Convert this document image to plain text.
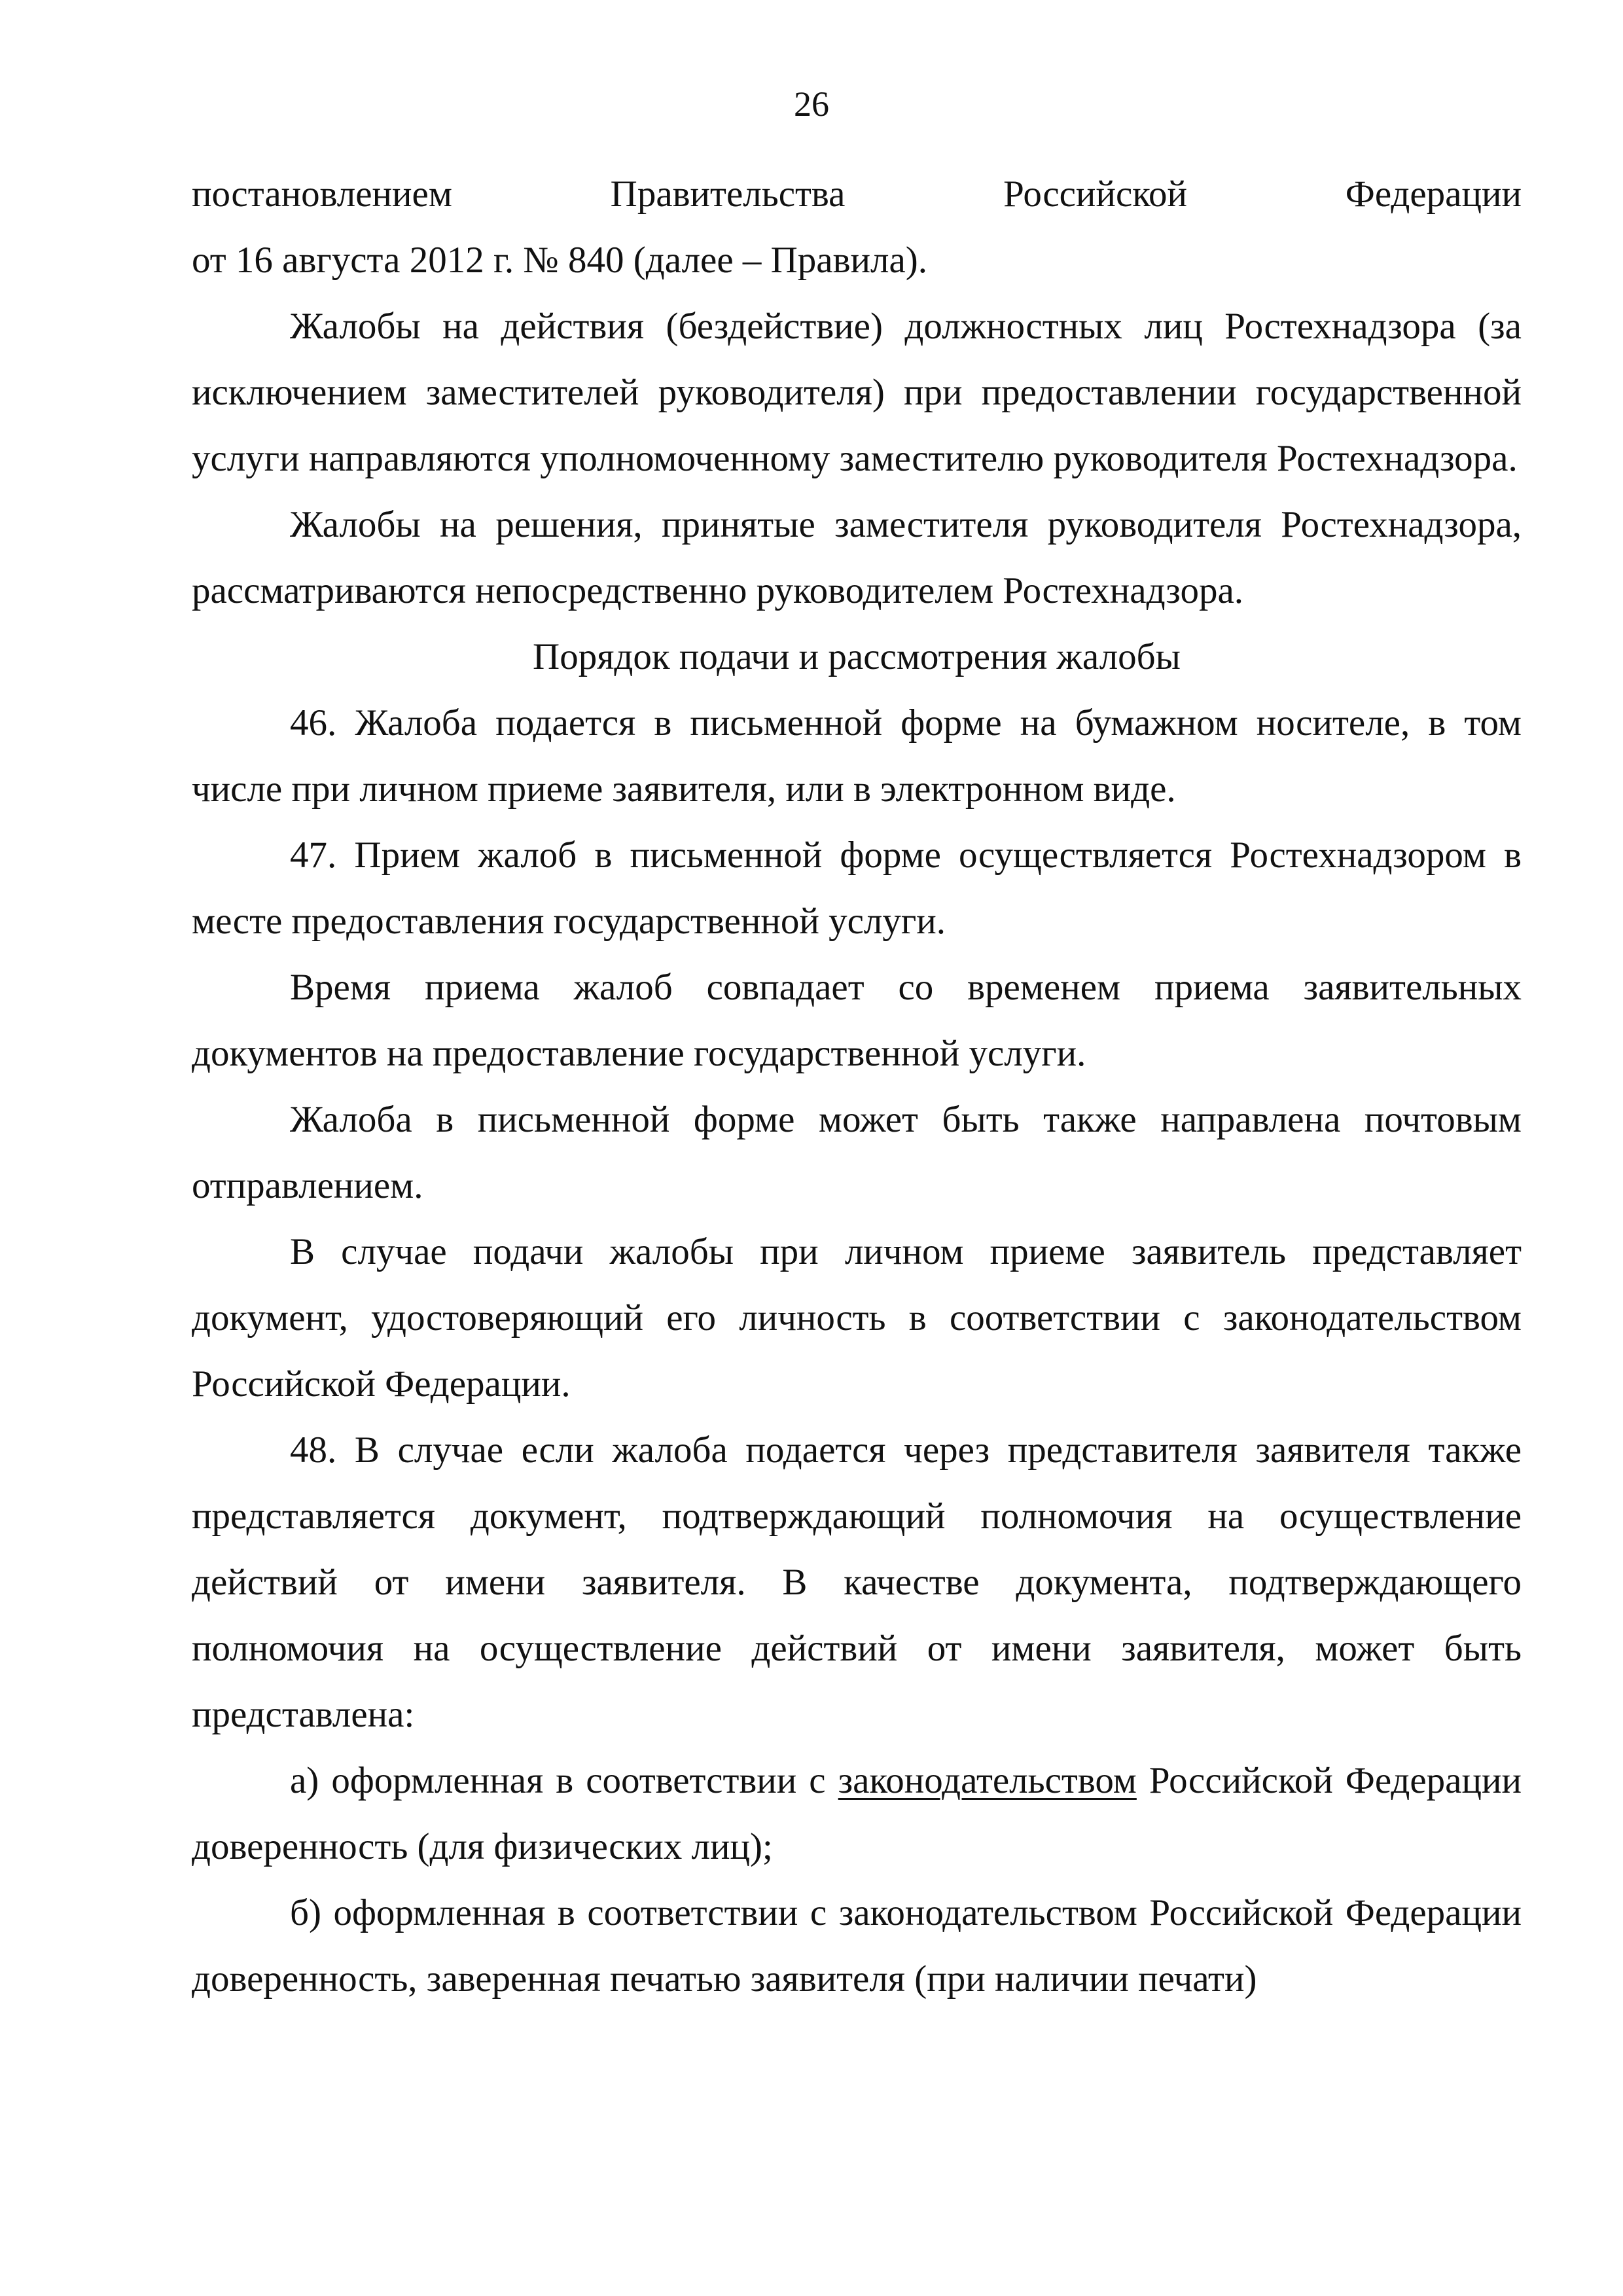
26
постановлением Правительства Российской Федерации
от 16 августа 2012 г. № 840 (далее – Правила).

Жалобы на действия (бездействие) должностных лиц Ростехнадзора (за исключением заместителей руководителя) при предоставлении государственной услуги направляются уполномоченному заместителю руководителя Ростехнадзора.

Жалобы на решения, принятые заместителя руководителя Ростехнадзора, рассматриваются непосредственно руководителем Ростехнадзора.

Порядок подачи и рассмотрения жалобы

46. Жалоба подается в письменной форме на бумажном носителе, в том числе при личном приеме заявителя, или в электронном виде.

47. Прием жалоб в письменной форме осуществляется Ростехнадзором в месте предоставления государственной услуги.

Время приема жалоб совпадает со временем приема заявительных документов на предоставление государственной услуги.

Жалоба в письменной форме может быть также направлена почтовым отправлением.

В случае подачи жалобы при личном приеме заявитель представляет документ, удостоверяющий его личность в соответствии с законодательством Российской Федерации.

48. В случае если жалоба подается через представителя заявителя также представляется документ, подтверждающий полномочия на осуществление действий от имени заявителя. В качестве документа, подтверждающего полномочия на осуществление действий от имени заявителя, может быть представлена:

а) оформленная в соответствии с законодательством Российской Федерации доверенность (для физических лиц);

б) оформленная в соответствии с законодательством Российской Федерации доверенность, заверенная печатью заявителя (при наличии печати)
